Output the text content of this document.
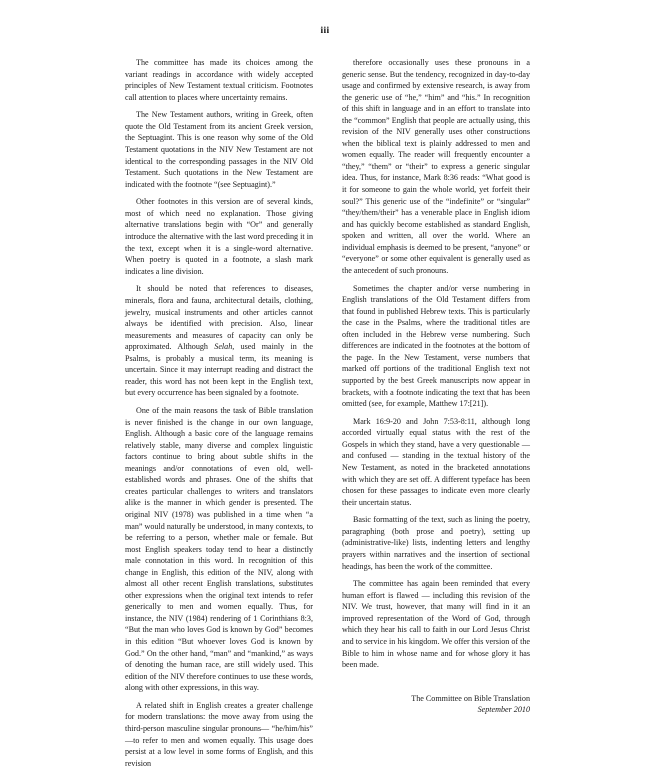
iii

The committee has made its choices among the variant readings in accordance with widely accepted principles of New Testament textual criticism. Footnotes call attention to places where uncertainty remains.

The New Testament authors, writing in Greek, often quote the Old Testament from its ancient Greek version, the Septuagint. This is one reason why some of the Old Testament quotations in the NIV New Testament are not identical to the corresponding passages in the NIV Old Testament. Such quotations in the New Testament are indicated with the footnote “(see Septuagint).”

Other footnotes in this version are of several kinds, most of which need no explanation. Those giving alternative translations begin with “Or” and generally introduce the alternative with the last word preceding it in the text, except when it is a single-word alternative. When poetry is quoted in a footnote, a slash mark indicates a line division.

It should be noted that references to diseases, minerals, flora and fauna, architectural details, clothing, jewelry, musical instruments and other articles cannot always be identified with precision. Also, linear measurements and measures of capacity can only be approximated. Although Selah, used mainly in the Psalms, is probably a musical term, its meaning is uncertain. Since it may interrupt reading and distract the reader, this word has not been kept in the English text, but every occurrence has been signaled by a footnote.

One of the main reasons the task of Bible translation is never finished is the change in our own language, English. Although a basic core of the language remains relatively stable, many diverse and complex linguistic factors continue to bring about subtle shifts in the meanings and/or connotations of even old, well-established words and phrases. One of the shifts that creates particular challenges to writers and translators alike is the manner in which gender is presented. The original NIV (1978) was published in a time when “a man” would naturally be understood, in many contexts, to be referring to a person, whether male or female. But most English speakers today tend to hear a distinctly male connotation in this word. In recognition of this change in English, this edition of the NIV, along with almost all other recent English translations, substitutes other expressions when the original text intends to refer generically to men and women equally. Thus, for instance, the NIV (1984) rendering of 1 Corinthians 8:3, “But the man who loves God is known by God” becomes in this edition “But whoever loves God is known by God.” On the other hand, “man” and “mankind,” as ways of denoting the human race, are still widely used. This edition of the NIV therefore continues to use these words, along with other expressions, in this way.

A related shift in English creates a greater challenge for modern translations: the move away from using the third-person masculine singular pronouns— “he/him/his” —to refer to men and women equally. This usage does persist at a low level in some forms of English, and this revision

therefore occasionally uses these pronouns in a generic sense. But the tendency, recognized in day-to-day usage and confirmed by extensive research, is away from the generic use of “he,” “him” and “his.” In recognition of this shift in language and in an effort to translate into the “common” English that people are actually using, this revision of the NIV generally uses other constructions when the biblical text is plainly addressed to men and women equally. The reader will frequently encounter a “they,” “them” or “their” to express a generic singular idea. Thus, for instance, Mark 8:36 reads: “What good is it for someone to gain the whole world, yet forfeit their soul?” This generic use of the “indefinite” or “singular” “they/them/their” has a venerable place in English idiom and has quickly become established as standard English, spoken and written, all over the world. Where an individual emphasis is deemed to be present, “anyone” or “everyone” or some other equivalent is generally used as the antecedent of such pronouns.

Sometimes the chapter and/or verse numbering in English translations of the Old Testament differs from that found in published Hebrew texts. This is particularly the case in the Psalms, where the traditional titles are often included in the Hebrew verse numbering. Such differences are indicated in the footnotes at the bottom of the page. In the New Testament, verse numbers that marked off portions of the traditional English text not supported by the best Greek manuscripts now appear in brackets, with a footnote indicating the text that has been omitted (see, for example, Matthew 17:[21]).

Mark 16:9-20 and John 7:53-8:11, although long accorded virtually equal status with the rest of the Gospels in which they stand, have a very questionable — and confused — standing in the textual history of the New Testament, as noted in the bracketed annotations with which they are set off. A different typeface has been chosen for these passages to indicate even more clearly their uncertain status.

Basic formatting of the text, such as lining the poetry, paragraphing (both prose and poetry), setting up (administrative-like) lists, indenting letters and lengthy prayers within narratives and the insertion of sectional headings, has been the work of the committee.

The committee has again been reminded that every human effort is flawed — including this revision of the NIV. We trust, however, that many will find in it an improved representation of the Word of God, through which they hear his call to faith in our Lord Jesus Christ and to service in his kingdom. We offer this version of the Bible to him in whose name and for whose glory it has been made.

The Committee on Bible Translation
September 2010
